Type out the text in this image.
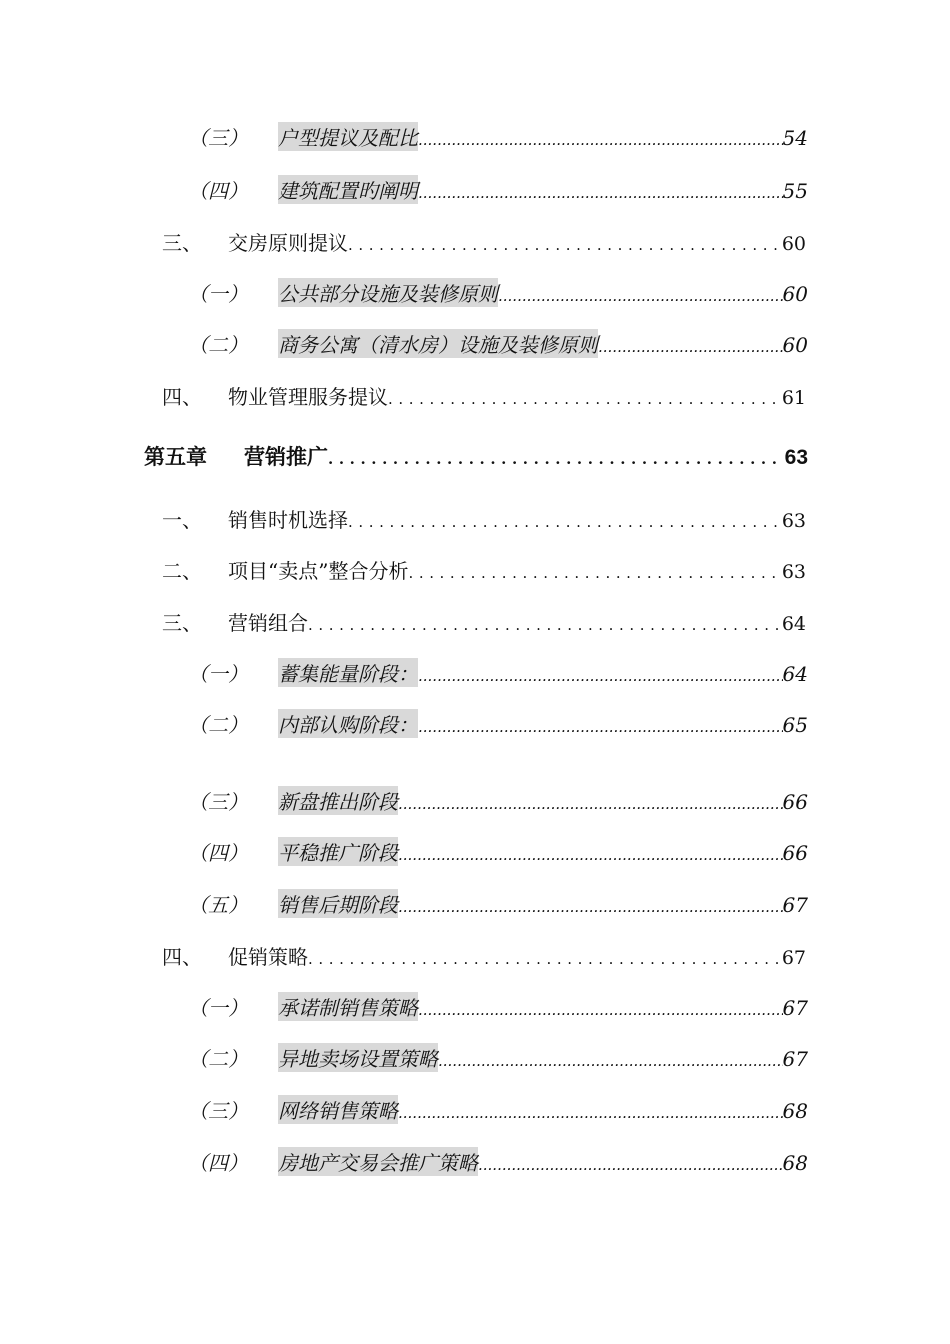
（三）	户型提议及配比 .....	54
（四）	建筑配置旳阐明 .....	55
三、	交房原则提议 .....	60
（一）	公共部分设施及装修原则 .....	60
（二）	商务公寓（清水房）设施及装修原则 .....	60
四、	物业管理服务提议 .....	61
第五章	营销推广 .....	63
一、	销售时机选择 .....	63
二、	项目“卖点”整合分析 .....	63
三、	营销组合 .....	64
（一）	蓄集能量阶段： .....	64
（二）	内部认购阶段： .....	65
（三）	新盘推出阶段 .....	66
（四）	平稳推广阶段 .....	66
（五）	销售后期阶段 .....	67
四、	促销策略 .....	67
（一）	承诺制销售策略 .....	67
（二）	异地卖场设置策略 .....	67
（三）	网络销售策略 .....	68
（四）	房地产交易会推广策略 .....	68
